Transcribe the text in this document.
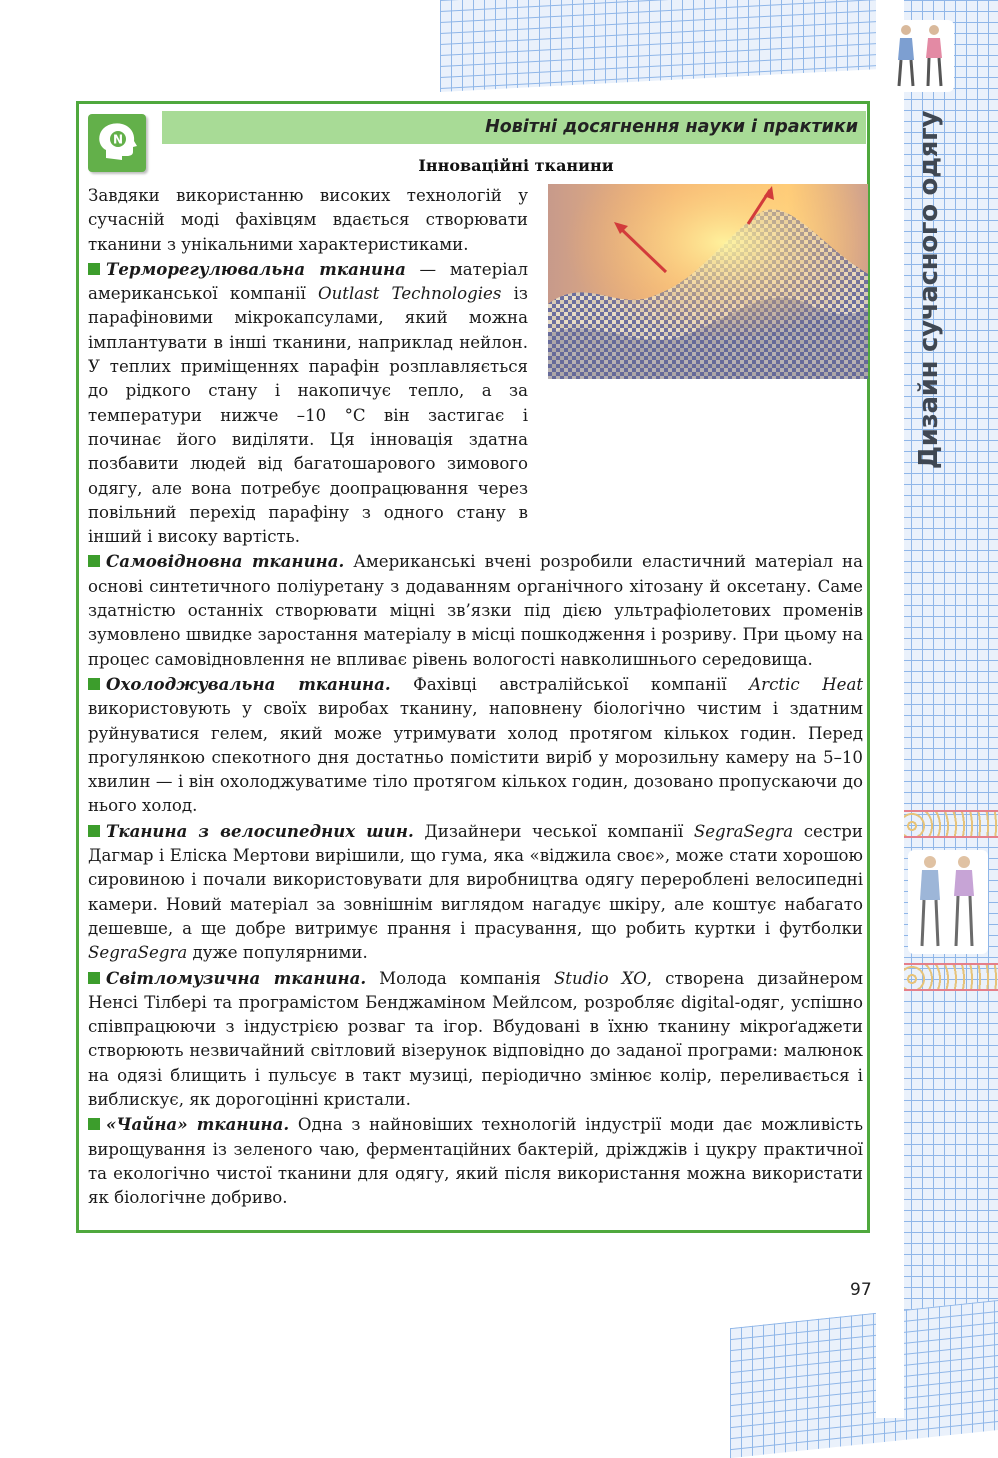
Дизайн сучасного одягу
Новітні досягнення науки і практики
N
Інноваційні тканини

Завдяки використанню високих технологій у сучасній моді фахівцям вдається створювати тканини з унікальними характеристиками.

Терморегулювальна тканина — матеріал американської компанії Outlast Technologies із парафіновими мікрокапсулами, який можна імплантувати в інші тканини, наприклад нейлон. У теплих приміщеннях парафін розплавляється до рідкого стану і накопичує тепло, а за температури нижче –10 °С він застигає і починає його виділяти. Ця інновація здатна позбавити людей від багатошарового зимового одягу, але вона потребує доопрацювання через повільний перехід парафіну з одного стану в інший і високу вартість.

Самовідновна тканина. Американські вчені розробили еластичний матеріал на основі синтетичного поліуретану з додаванням органічного хітозану й оксетану. Саме здатністю останніх створювати міцні зв’язки під дією ультрафіолетових променів зумовлено швидке заростання матеріалу в місці пошкодження і розриву. При цьому на процес самовідновлення не впливає рівень вологості навколишнього середовища.

Охолоджувальна тканина. Фахівці австралійської компанії Arctic Heat використовують у своїх виробах тканину, наповнену біологічно чистим і здатним руйнуватися гелем, який може утримувати холод протягом кількох годин. Перед прогулянкою спекотного дня достатньо помістити виріб у морозильну камеру на 5–10 хвилин — і він охолоджуватиме тіло протягом кількох годин, дозовано пропускаючи до нього холод.

Тканина з велосипедних шин. Дизайнери чеської компанії SegraSegra сестри Дагмар і Еліска Мертови вирішили, що гума, яка «віджила своє», може стати хорошою сировиною і почали використовувати для виробництва одягу перероблені велосипедні камери. Новий матеріал за зовнішнім виглядом нагадує шкіру, але коштує набагато дешевше, а ще добре витримує прання і прасування, що робить куртки і футболки SegraSegra дуже популярними.

Світломузична тканина. Молода компанія Studio XO, створена дизайнером Ненсі Тілбері та програмістом Бенджаміном Мейлсом, розробляє digital-одяг, успішно співпрацюючи з індустрією розваг та ігор. Вбудовані в їхню тканину мікроґаджети створюють незвичайний світловий візерунок відповідно до заданої програми: малюнок на одязі блищить і пульсує в такт музиці, періодично змінює колір, переливається і виблискує, як дорогоцінні кристали.

«Чайна» тканина. Одна з найновіших технологій індустрії моди дає можливість вирощування із зеленого чаю, ферментаційних бактерій, дріжджів і цукру практичної та екологічно чистої тканини для одягу, який після використання можна використати як біологічне добриво.

97
